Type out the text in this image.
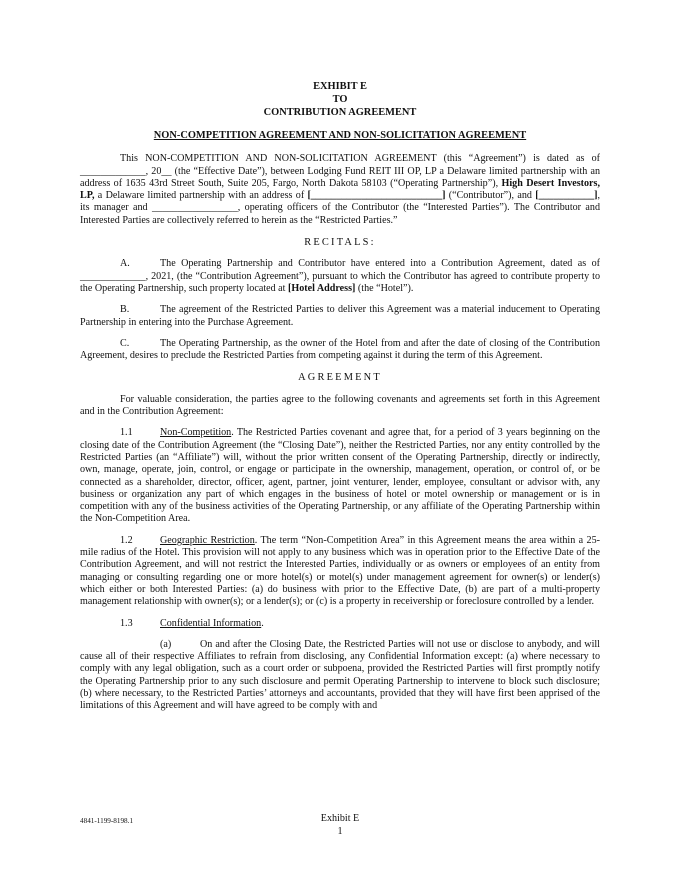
EXHIBIT E
TO
CONTRIBUTION AGREEMENT
NON-COMPETITION AGREEMENT AND NON-SOLICITATION AGREEMENT

This NON-COMPETITION AND NON-SOLICITATION AGREEMENT (this “Agreement”) is dated as of _____________, 20__ (the “Effective Date”), between Lodging Fund REIT III OP, LP a Delaware limited partnership with an address of 1635 43rd Street South, Suite 205, Fargo, North Dakota 58103 (“Operating Partnership”), High Desert Investors, LP, a Delaware limited partnership with an address of [__________________________] (“Contributor”), and [___________], its manager and _________________, operating officers of the Contributor (the “Interested Parties”). The Contributor and Interested Parties are collectively referred to herein as the “Restricted Parties.”

RECITALS:

A.	The Operating Partnership and Contributor have entered into a Contribution Agreement, dated as of _____________, 2021, (the “Contribution Agreement”), pursuant to which the Contributor has agreed to contribute property to the Operating Partnership, such property located at [Hotel Address] (the “Hotel”).

B.	The agreement of the Restricted Parties to deliver this Agreement was a material inducement to Operating Partnership in entering into the Purchase Agreement.

C.	The Operating Partnership, as the owner of the Hotel from and after the date of closing of the Contribution Agreement, desires to preclude the Restricted Parties from competing against it during the term of this Agreement.

AGREEMENT

For valuable consideration, the parties agree to the following covenants and agreements set forth in this Agreement and in the Contribution Agreement:

1.1	Non-Competition. The Restricted Parties covenant and agree that, for a period of 3 years beginning on the closing date of the Contribution Agreement (the “Closing Date”), neither the Restricted Parties, nor any entity controlled by the Restricted Parties (an “Affiliate”) will, without the prior written consent of the Operating Partnership, directly or indirectly, own, manage, operate, join, control, or engage or participate in the ownership, management, operation, or control of, or be connected as a shareholder, director, officer, agent, partner, joint venturer, lender, employee, consultant or advisor with, any business or organization any part of which engages in the business of hotel or motel ownership or management or is in competition with any of the business activities of the Operating Partnership, or any affiliate of the Operating Partnership within the Non-Competition Area.

1.2	Geographic Restriction. The term “Non-Competition Area” in this Agreement means the area within a 25-mile radius of the Hotel. This provision will not apply to any business which was in operation prior to the Effective Date of the Contribution Agreement, and will not restrict the Interested Parties, individually or as owners or employees of an entity from managing or consulting regarding one or more hotel(s) or motel(s) under management agreement for owner(s) or lender(s) which either or both Interested Parties: (a) do business with prior to the Effective Date, (b) are part of a multi-property management relationship with owner(s); or a lender(s); or (c) is a property in receivership or foreclosure controlled by a lender.

1.3	Confidential Information.

(a)	On and after the Closing Date, the Restricted Parties will not use or disclose to anybody, and will cause all of their respective Affiliates to refrain from disclosing, any Confidential Information except: (a) where necessary to comply with any legal obligation, such as a court order or subpoena, provided the Restricted Parties will first promptly notify the Operating Partnership prior to any such disclosure and permit Operating Partnership to intervene to block such disclosure; (b) where necessary, to the Restricted Parties’ attorneys and accountants, provided that they will have first been apprised of the limitations of this Agreement and will have agreed to be comply with and

4841-1199-8198.1	Exhibit E
1
